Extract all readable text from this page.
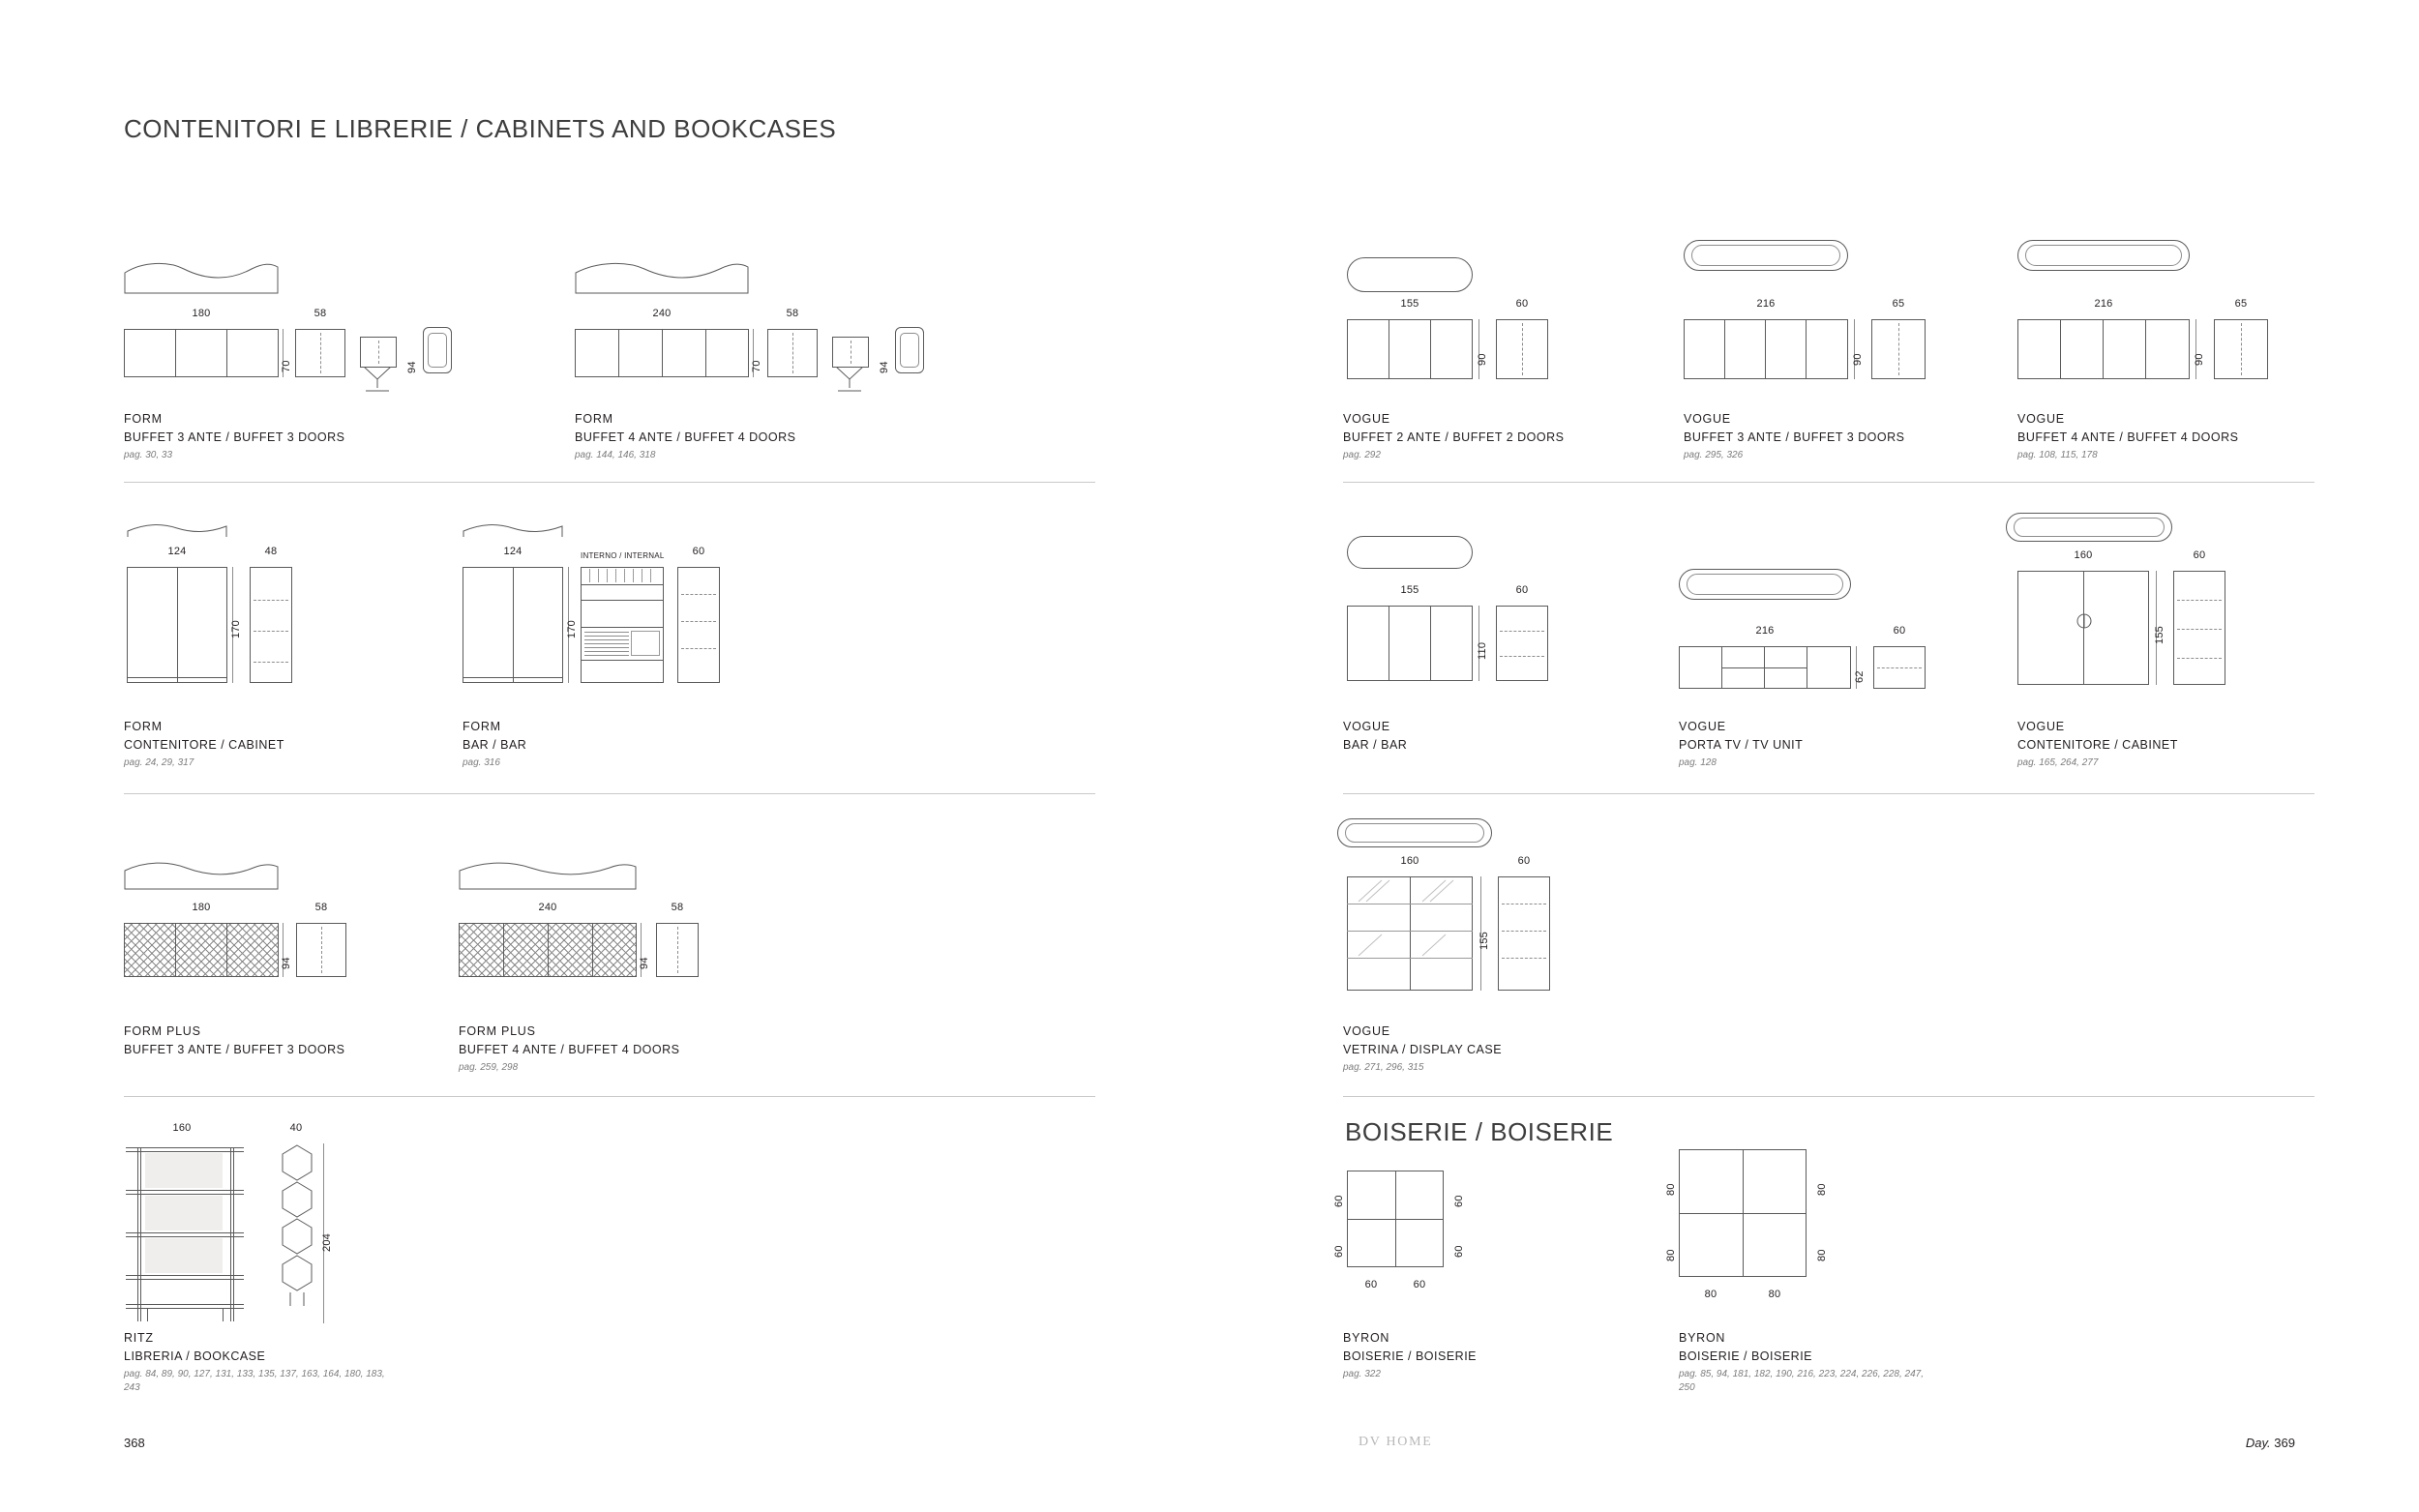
CONTENITORI E LIBRERIE / CABINETS AND BOOKCASES
BOISERIE / BOISERIE
180
70
58
94
FORM
BUFFET 3 ANTE / BUFFET 3 DOORS
pag. 30, 33
240
70
58
94
FORM
BUFFET 4 ANTE / BUFFET 4 DOORS
pag. 144, 146, 318
124
170
48
FORM
CONTENITORE / CABINET
pag. 24, 29, 317
124
170
INTERNO / INTERNAL	60
FORM
BAR / BAR
pag. 316
180
94
58
FORM PLUS
BUFFET 3 ANTE / BUFFET 3 DOORS
240
94
58
FORM PLUS
BUFFET 4 ANTE / BUFFET 4 DOORS
pag. 259, 298
160	40
204
RITZ
LIBRERIA / BOOKCASE
pag. 84, 89, 90, 127, 131, 133, 135, 137, 163, 164, 180, 183, 243
155
90
60
VOGUE
BUFFET 2 ANTE / BUFFET 2 DOORS
pag. 292
216
90
65
VOGUE
BUFFET 3 ANTE / BUFFET 3 DOORS
pag. 295, 326
216
90
65
VOGUE
BUFFET 4 ANTE / BUFFET 4 DOORS
pag. 108, 115, 178
155
110
60
VOGUE
BAR / BAR
216
62
60
VOGUE
PORTA TV / TV UNIT
pag. 128
160
155
60
VOGUE
CONTENITORE / CABINET
pag. 165, 264, 277
160
155
60
VOGUE
VETRINA / DISPLAY CASE
pag. 271, 296, 315
60
60
60
60
60	60
BYRON
BOISERIE / BOISERIE
pag. 322
80
80
80
80
80	80
BYRON
BOISERIE / BOISERIE
pag. 85, 94, 181, 182, 190, 216, 223, 224, 226, 228, 247, 250
368	DV HOME	Day. 369
